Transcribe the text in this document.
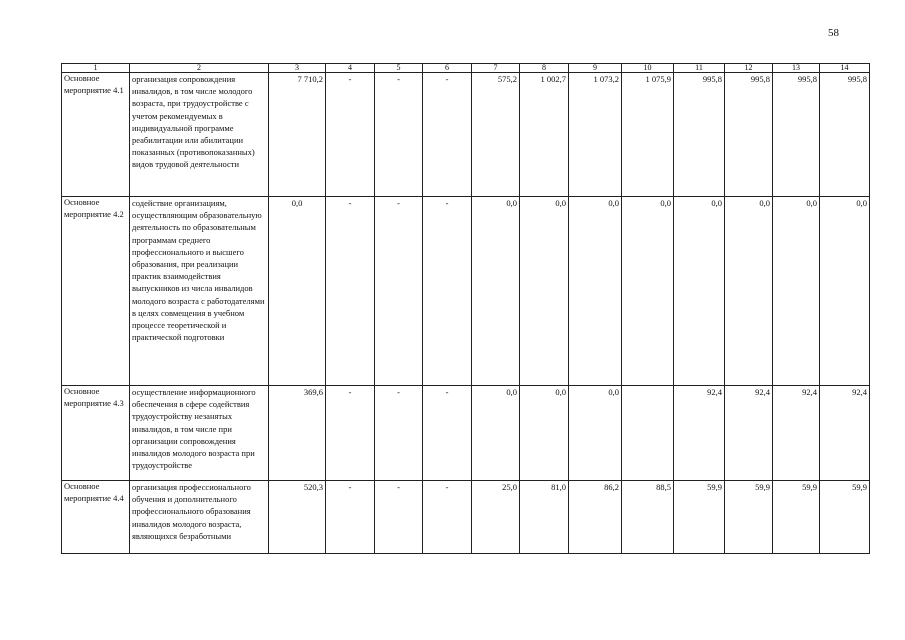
58
1	2	3	4	5	6	7	8	9	10	11	12	13	14
Основное мероприятие 4.1	организация сопровождения инвалидов, в том числе молодого возраста, при трудоустройстве с учетом рекомендуемых в индивидуальной программе реабилитации или абилитации показанных (противопоказанных) видов трудовой деятельности	7 710,2	-	-	-	575,2	1 002,7	1 073,2	1 075,9	995,8	995,8	995,8	995,8
Основное мероприятие 4.2	содействие организациям, осуществляющим образовательную деятельность по образовательным программам среднего профессионального и высшего образования, при реализации практик взаимодействия выпускников из числа инвалидов молодого возраста с работодателями в целях совмещения в учебном процессе теоретической и практической подготовки	0,0	-	-	-	0,0	0,0	0,0	0,0	0,0	0,0	0,0	0,0
Основное мероприятие 4.3	осуществление информационного обеспечения в сфере содействия трудоустройству незанятых инвалидов, в том числе при организации сопровождения инвалидов молодого возраста при трудоустройстве	369,6	-	-	-	0,0	0,0	0,0		92,4	92,4	92,4	92,4
Основное мероприятие 4.4	организация профессионального обучения и дополнительного профессионального образования инвалидов молодого возраста, являющихся безработными	520,3	-	-	-	25,0	81,0	86,2	88,5	59,9	59,9	59,9	59,9
